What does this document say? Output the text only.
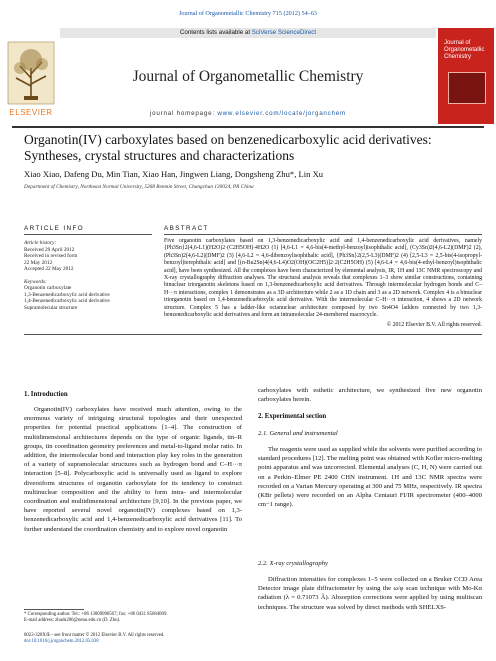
Journal of Organometallic Chemistry 715 (2012) 54–63
Contents lists available at SciVerse ScienceDirect
ELSEVIER
Journal of Organometallic Chemistry
journal homepage: www.elsevier.com/locate/jorganchem
Journal of Organometallic Chemistry
Organotin(IV) carboxylates based on benzenedicarboxylic acid derivatives: Syntheses, crystal structures and characterizations
Xiao Xiao, Dafeng Du, Min Tian, Xiao Han, Jingwen Liang, Dongsheng Zhu*, Lin Xu
Department of Chemistry, Northeast Normal University, 5268 Renmin Street, Changchun 130024, PR China
ARTICLE INFO	ABSTRACT
Article history:
Received 29 April 2012
Received in revised form
22 May 2012
Accepted 22 May 2012
Keywords:
Organotin carboxylate
1,3-Benzenedicarboxylic acid derivative
1,4-Benzenedicarboxylic acid derivative
Supramolecular structure
Five organotin carboxylates based on 1,3-benzenedicarboxylic acid and 1,4-benzenedicarboxylic acid derivatives, namely {Ph3Sn}2(4,6-L1)(H2O)2·(C2H5OH)·4H2O (1) [4,6-L1 = 4,6-bis(4-methyl-benzoyl)isophthalic acid], (Cy3Sn)2(4,6-L2)(DMF)2 (2), (Ph3Sn)2(4,6-L2)(DMF)2 (3) [4,6-L2 = 4,6-dibenzoylisophthalic acid], {Ph3Sn}2(2,5-L3)(DMF)2 (4) [2,5-L3 = 2,5-bis(4-isopropyl-benzoyl)terephthalic acid] and [(n-Bu2Sn)4(4,6-L4)O2(OH)(OC2H5)]2·2(C2H5OH) (5) [4,6-L4 = 4,6-bis(4-ethyl-benzoyl)isophthalic acid], have been synthesized. All the complexes have been characterized by elemental analysis, IR, 1H and 13C NMR spectroscopy and X-ray crystallography diffraction analyses. The structural analysis reveals that complexes 1–3 show similar constructions, containing binuclear triorganotin skeletons based on 1,3-benzenedicarboxylic acid derivatives. Through intermolecular hydrogen bonds and C–H···π interactions, complex 1 demonstrates as a 3D architecture while 2 as a 1D chain and 3 as a 2D network. Complex 4 is a binuclear triorganotin based on 1,4-benzenedicarboxylic acid derivative. With the intermolecular C–H···π interaction, 4 shows a 2D network structure. Complex 5 has a ladder-like octanuclear architecture composed by two Sn4O4 ladders connected by two 1,3-benzenedicarboxylic acid derivatives and form an intramolecular 24-membered macrocycle.
© 2012 Elsevier B.V. All rights reserved.
1. Introduction
Organotin(IV) carboxylates have received much attention, owing to the enormous variety of intriguing structural topologies and their unexpected properties for potential practical applications [1–4]. The construction of multidimensional architectures depends on the type of organic ligands, tin–R groups, tin coordination geometry preferences and metal-to-ligand molar ratio. In addition, the intermolecular bond and interaction play key roles in the generation of a variety of supramolecular structures such as hydrogen bond and C–H···π interaction [5–8]. Polycarboxylic acid is universally used as ligand to explore diversiform structures of organotin carboxylate for its tendency to construct multinuclear composition and the ability to form intra- and intermolecular coordination and multidimensional architecture [9,10]. In the previous paper, we have reported several novel organotin(IV) complexes based on 1,3-benzenedicarboxylic acid and 1,4-benzenedicarboxylic acid derivatives [11]. To further understand the coordination chemistry and to explore novel organotin
* Corresponding author. Tel.: +86 13009090567; fax: +86 0431 85684009.
E-mail address: zhuds206@nenu.edu.cn (D. Zhu).
0022-328X/$ – see front matter © 2012 Elsevier B.V. All rights reserved.
doi:10.1016/j.jorganchem.2012.05.038
carboxylates with esthetic architecture, we synthesized five new organotin carboxylates herein.
2. Experimental section
2.1. General and instrumental
The reagents were used as supplied while the solvents were purified according to standard procedures [12]. The melting point was obtained with Kofler micro-melting point apparatus and was uncorrected. Elemental analyses (C, H, N) were carried out on a Perkin–Elmer PE 2400 CHN instrument. 1H and 13C NMR spectra were recorded on a Varian Mercury operating at 300 and 75 MHz, respectively. IR spectra (KBr pellets) were recorded on an Alpha Centauri FI/IR spectrometer (400–4000 cm−1 range).
2.2. X-ray crystallography
Diffraction intensities for complexes 1–5 were collected on a Bruker CCD Area Detector image plate diffractometer by using the ω/φ scan technique with Mo-Kα radiation (λ = 0.71073 Å). Absorption corrections were applied by using multiscan techniques. The structure was solved by direct methods with SHELXS-
